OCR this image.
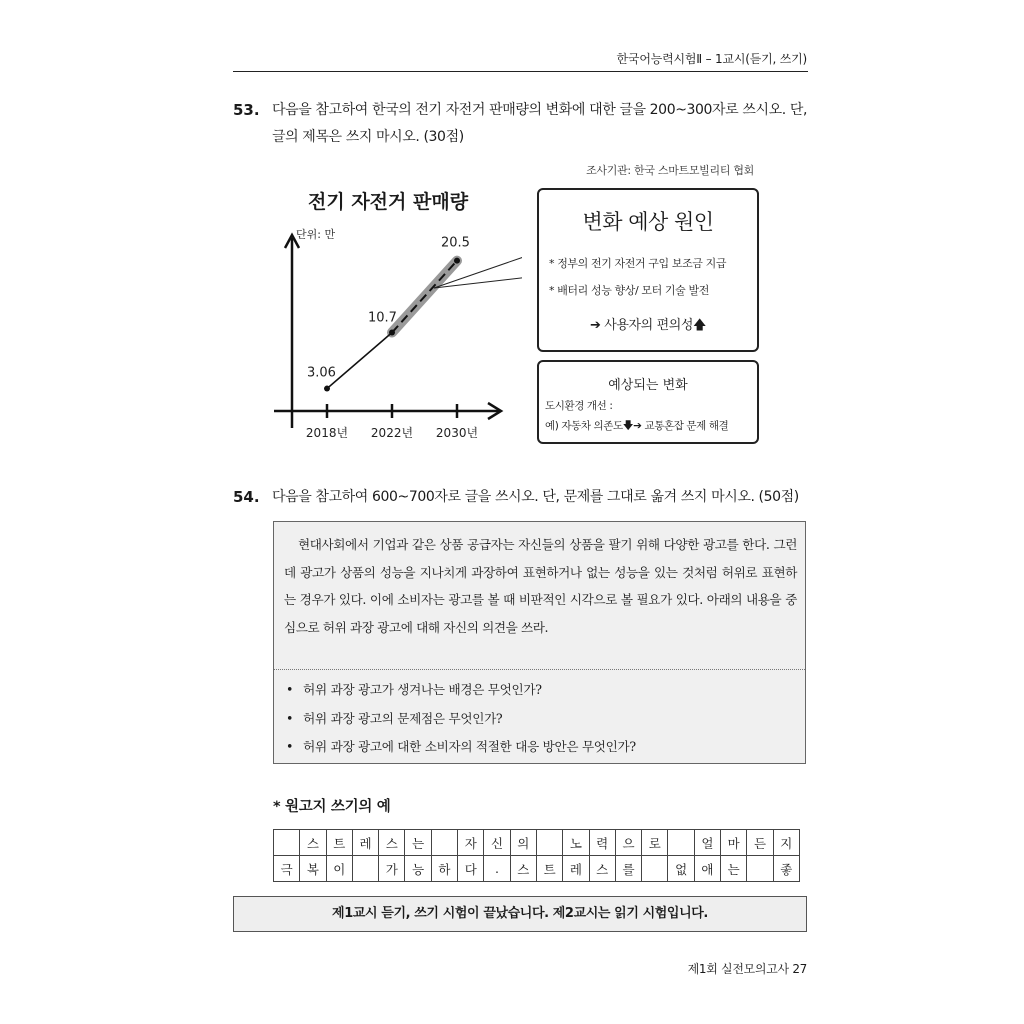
한국어능력시험Ⅱ – 1교시(듣기, 쓰기)
53. 다음을 참고하여 한국의 전기 자전거 판매량의 변화에 대한 글을 200~300자로 쓰시오. 단, 글의 제목은 쓰지 마시오. (30점)
조사기관: 한국 스마트모빌리티 협회
전기 자전거 판매량
단위: 만
2018년 2022년 2030년
3.06
10.7
20.5
변화 예상 원인
* 정부의 전기 자전거 구입 보조금 지급
* 배터리 성능 향상/ 모터 기술 발전
➔ 사용자의 편의성🡅
예상되는 변화
도시환경 개선 :
예) 자동차 의존도🡇➔ 교통혼잡 문제 해결
54. 다음을 참고하여 600~700자로 글을 쓰시오. 단, 문제를 그대로 옮겨 쓰지 마시오. (50점)
현대사회에서 기업과 같은 상품 공급자는 자신들의 상품을 팔기 위해 다양한 광고를 한다. 그런데 광고가 상품의 성능을 지나치게 과장하여 표현하거나 없는 성능을 있는 것처럼 허위로 표현하는 경우가 있다. 이에 소비자는 광고를 볼 때 비판적인 시각으로 볼 필요가 있다. 아래의 내용을 중심으로 허위 과장 광고에 대해 자신의 의견을 쓰라.
• 허위 과장 광고가 생겨나는 배경은 무엇인가?
• 허위 과장 광고의 문제점은 무엇인가?
• 허위 과장 광고에 대한 소비자의 적절한 대응 방안은 무엇인가?
* 원고지 쓰기의 예
	스	트	레	스	는		자	신	의		노	력	으	로		얼	마	든	지
극	복	이		가	능	하	다	.	스	트	레	스	를		없	애	는		좋
제1교시 듣기, 쓰기 시험이 끝났습니다. 제2교시는 읽기 시험입니다.
제1회 실전모의고사 27
